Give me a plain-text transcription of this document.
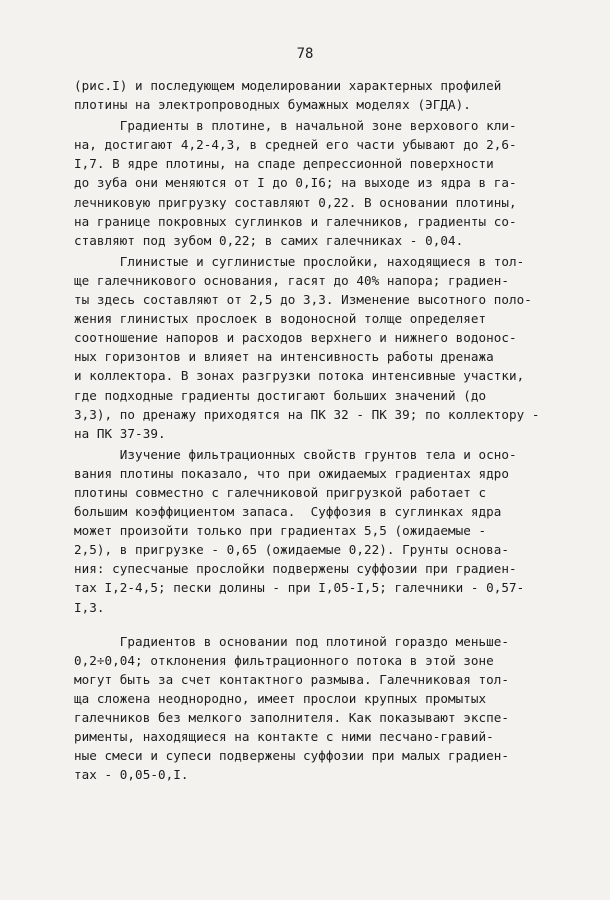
78
(рис.I) и последующем моделировании характерных профилей
плотины на электропроводных бумажных моделях (ЭГДА).
Градиенты в плотине, в начальной зоне верхового кли-
на, достигают 4,2-4,3, в средней его части убывают до 2,6-
I,7. В ядре плотины, на спаде депрессионной поверхности
до зуба они меняются от I до 0,I6; на выходе из ядра в га-
лечниковую пригрузку составляют 0,22. В основании плотины,
на границе покровных суглинков и галечников, градиенты со-
ставляют под зубом 0,22; в самих галечниках - 0,04.
Глинистые и суглинистые прослойки, находящиеся в тол-
ще галечникового основания, гасят до 40% напора; градиен-
ты здесь составляют от 2,5 до 3,3. Изменение высотного поло-
жения глинистых прослоек в водоносной толще определяет
соотношение напоров и расходов верхнего и нижнего водонос-
ных горизонтов и влияет на интенсивность работы дренажа
и коллектора. В зонах разгрузки потока интенсивные участки,
где подходные градиенты достигают больших значений (до
3,3), по дренажу приходятся на ПК 32 - ПК 39; по коллектору -
на ПК 37-39.
Изучение фильтрационных свойств грунтов тела и осно-
вания плотины показало, что при ожидаемых градиентах ядро
плотины совместно с галечниковой пригрузкой работает с
большим коэффициентом запаса.  Суффозия в суглинках ядра
может произойти только при градиентах 5,5 (ожидаемые -
2,5), в пригрузке - 0,65 (ожидаемые 0,22). Грунты основа-
ния: супесчаные прослойки подвержены суффозии при градиен-
тах I,2-4,5; пески долины - при I,05-I,5; галечники - 0,57-
I,3.
Градиентов в основании под плотиной гораздо меньше-
0,2÷0,04; отклонения фильтрационного потока в этой зоне
могут быть за счет контактного размыва. Галечниковая тол-
ща сложена неоднородно, имеет прослои крупных промытых
галечников без мелкого заполнителя. Как показывают экспе-
рименты, находящиеся на контакте с ними песчано-гравий-
ные смеси и супеси подвержены суффозии при малых градиен-
тах - 0,05-0,I.
